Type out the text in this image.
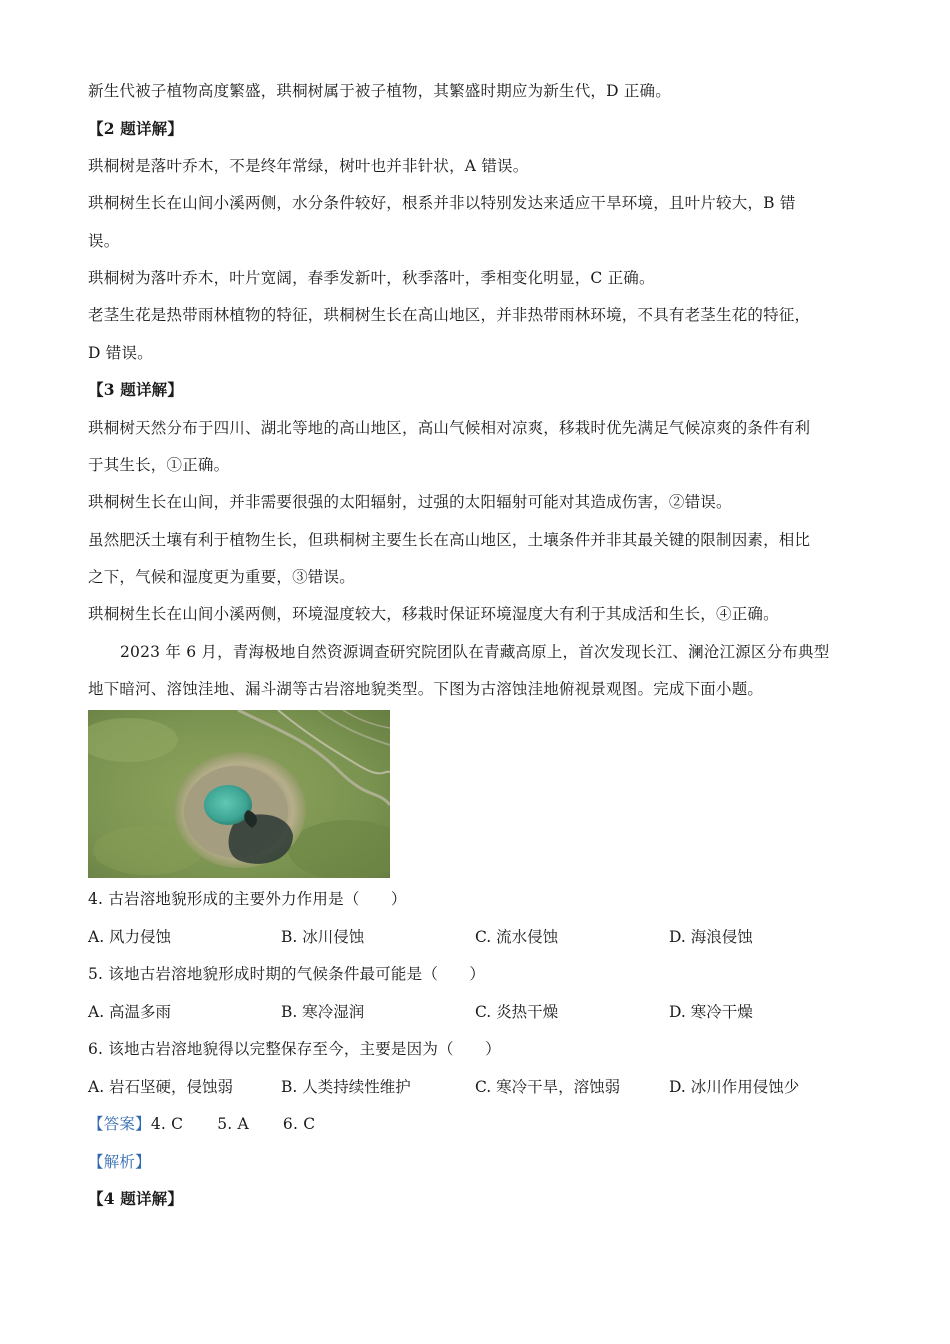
新生代被子植物高度繁盛，珙桐树属于被子植物，其繁盛时期应为新生代，D 正确。
【2 题详解】
珙桐树是落叶乔木，不是终年常绿，树叶也并非针状，A 错误。
珙桐树生长在山间小溪两侧，水分条件较好，根系并非以特别发达来适应干旱环境，且叶片较大，B 错
误。
珙桐树为落叶乔木，叶片宽阔，春季发新叶，秋季落叶，季相变化明显，C 正确。
老茎生花是热带雨林植物的特征，珙桐树生长在高山地区，并非热带雨林环境，不具有老茎生花的特征，
D 错误。
【3 题详解】
珙桐树天然分布于四川、湖北等地的高山地区，高山气候相对凉爽，移栽时优先满足气候凉爽的条件有利
于其生长，①正确。
珙桐树生长在山间，并非需要很强的太阳辐射，过强的太阳辐射可能对其造成伤害，②错误。
虽然肥沃土壤有利于植物生长，但珙桐树主要生长在高山地区，土壤条件并非其最关键的限制因素，相比
之下，气候和湿度更为重要，③错误。
珙桐树生长在山间小溪两侧，环境湿度较大，移栽时保证环境湿度大有利于其成活和生长，④正确。
2023 年 6 月，青海极地自然资源调查研究院团队在青藏高原上，首次发现长江、澜沧江源区分布典型
地下暗河、溶蚀洼地、漏斗湖等古岩溶地貌类型。下图为古溶蚀洼地俯视景观图。完成下面小题。
4. 古岩溶地貌形成的主要外力作用是（　　）
A. 风力侵蚀	B. 冰川侵蚀	C. 流水侵蚀	D. 海浪侵蚀
5. 该地古岩溶地貌形成时期的气候条件最可能是（　　）
A. 高温多雨	B. 寒冷湿润	C. 炎热干燥	D. 寒冷干燥
6. 该地古岩溶地貌得以完整保存至今，主要是因为（　　）
A. 岩石坚硬，侵蚀弱	B. 人类持续性维护	C. 寒冷干旱，溶蚀弱	D. 冰川作用侵蚀少
【答案】4. C 5. A 6. C
【解析】
【4 题详解】
